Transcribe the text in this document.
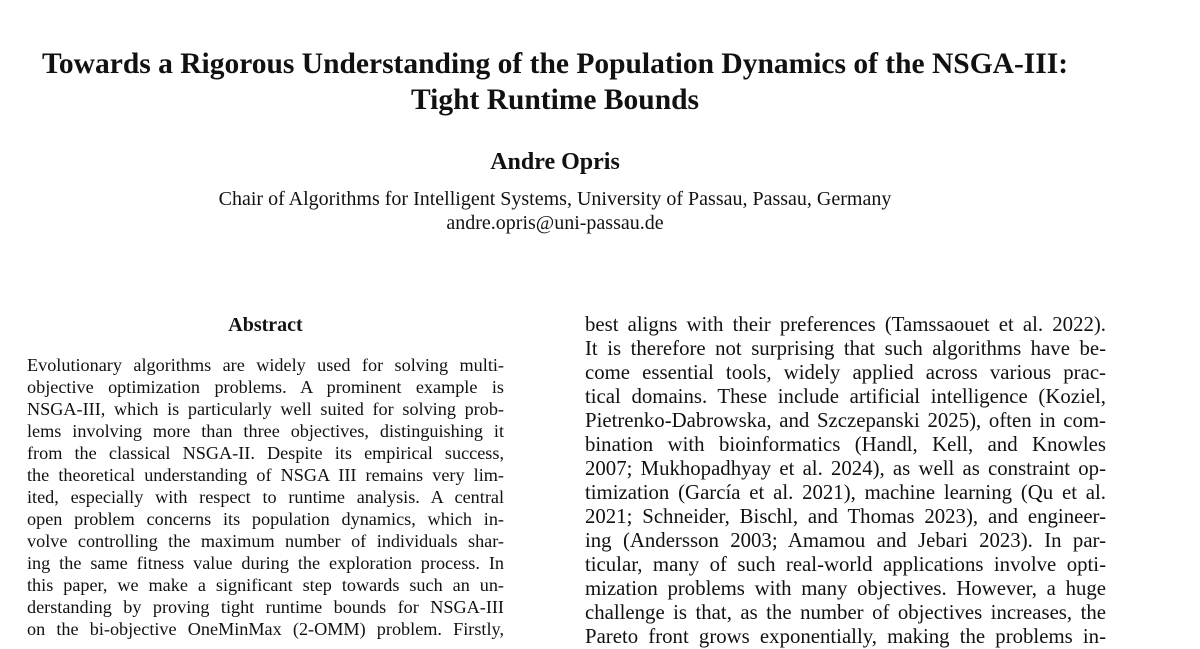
Towards a Rigorous Understanding of the Population Dynamics of the NSGA-III:
Tight Runtime Bounds
Andre Opris
Chair of Algorithms for Intelligent Systems, University of Passau, Passau, Germany
andre.opris@uni-passau.de
Abstract
Evolutionary algorithms are widely used for solving multi-
objective optimization problems. A prominent example is
NSGA-III, which is particularly well suited for solving prob-
lems involving more than three objectives, distinguishing it
from the classical NSGA-II. Despite its empirical success,
the theoretical understanding of NSGA III remains very lim-
ited, especially with respect to runtime analysis. A central
open problem concerns its population dynamics, which in-
volve controlling the maximum number of individuals shar-
ing the same fitness value during the exploration process. In
this paper, we make a significant step towards such an un-
derstanding by proving tight runtime bounds for NSGA-III
on the bi-objective OneMinMax (2-OMM) problem. Firstly,
best aligns with their preferences (Tamssaouet et al. 2022).
It is therefore not surprising that such algorithms have be-
come essential tools, widely applied across various prac-
tical domains. These include artificial intelligence (Koziel,
Pietrenko-Dabrowska, and Szczepanski 2025), often in com-
bination with bioinformatics (Handl, Kell, and Knowles
2007; Mukhopadhyay et al. 2024), as well as constraint op-
timization (García et al. 2021), machine learning (Qu et al.
2021; Schneider, Bischl, and Thomas 2023), and engineer-
ing (Andersson 2003; Amamou and Jebari 2023). In par-
ticular, many of such real-world applications involve opti-
mization problems with many objectives. However, a huge
challenge is that, as the number of objectives increases, the
Pareto front grows exponentially, making the problems in-
